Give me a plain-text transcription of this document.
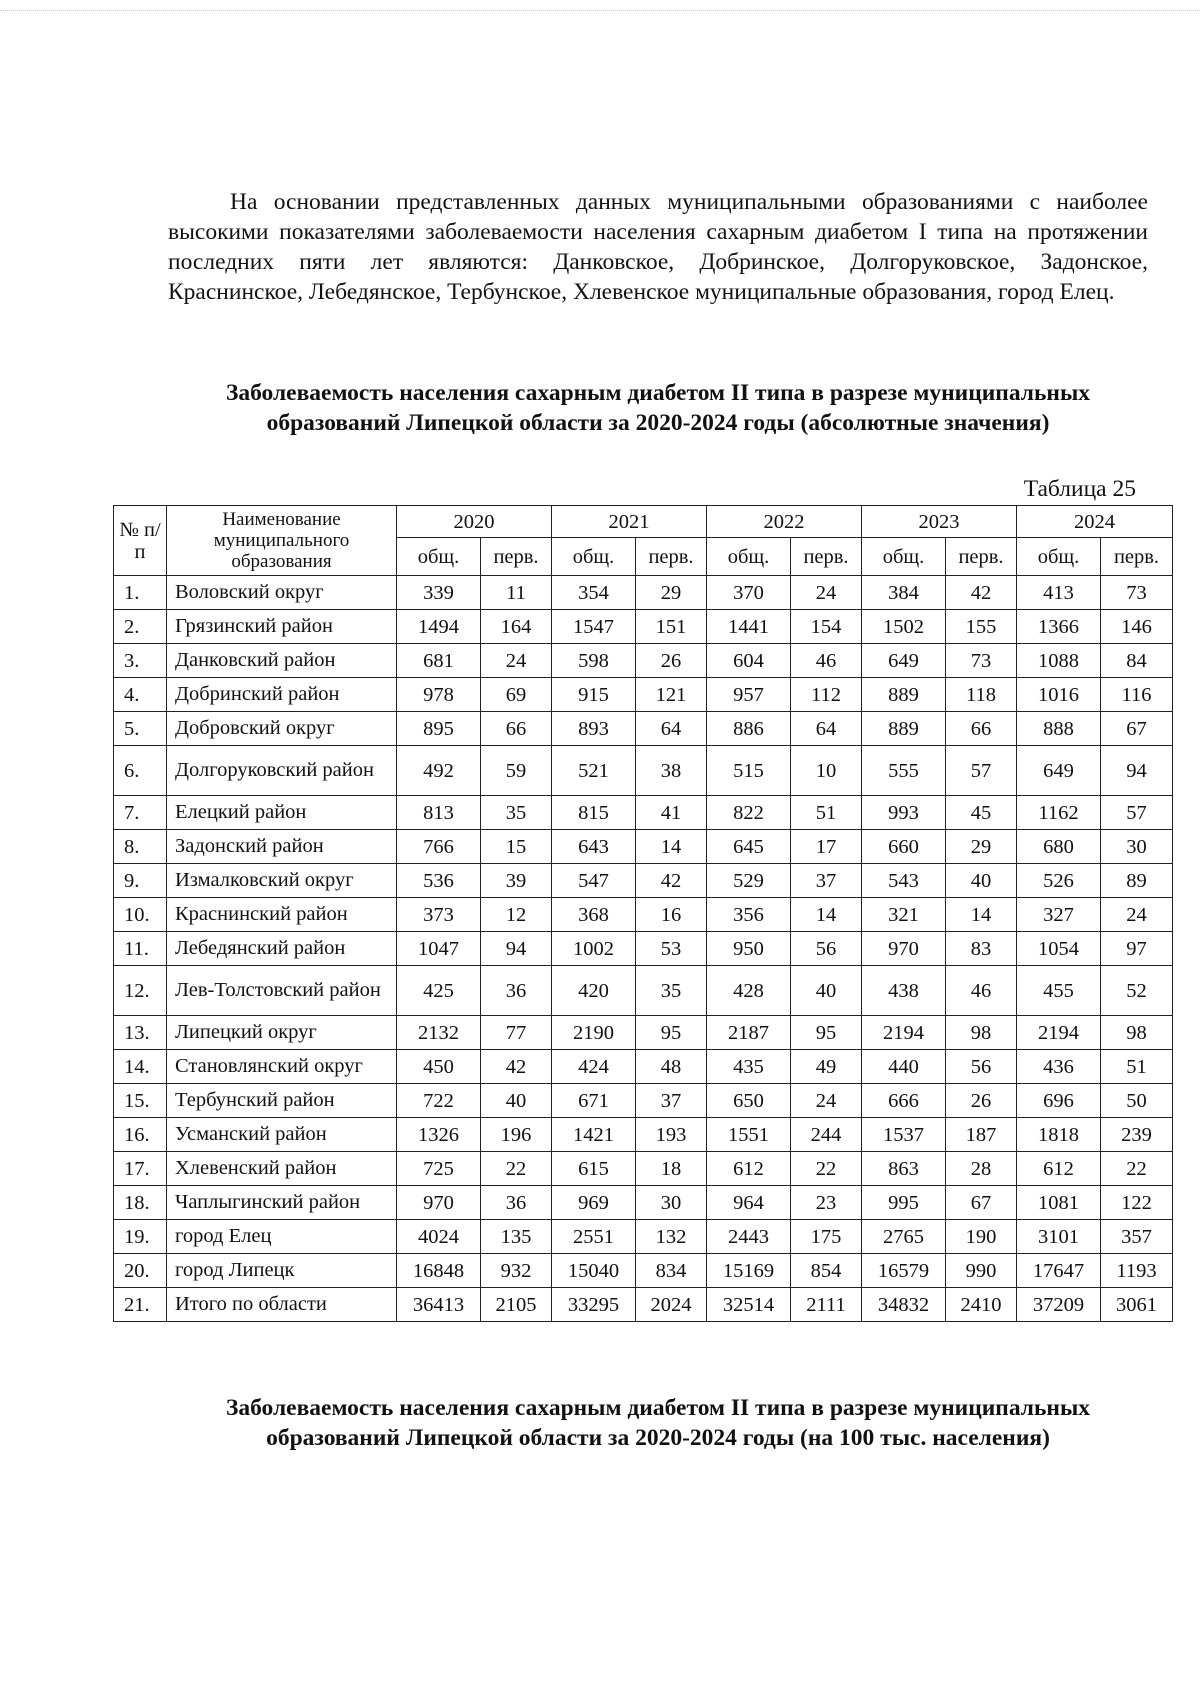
На основании представленных данных муниципальными образованиями с наиболее высокими показателями заболеваемости населения сахарным диабетом I типа на протяжении последних пяти лет являются: Данковское, Добринское, Долгоруковское, Задонское, Краснинское, Лебедянское, Тербунское, Хлевенское муниципальные образования, город Елец.

Заболеваемость населения сахарным диабетом II типа в разрезе муниципальных
образований Липецкой области за 2020-2024 годы (абсолютные значения)

Таблица 25

№ п/п	Наименование муниципального образования	2020		2021		2022		2023		2024	
		общ.	перв.	общ.	перв.	общ.	перв.	общ.	перв.	общ.	перв.
1.	Воловский округ	339	11	354	29	370	24	384	42	413	73
2.	Грязинский район	1494	164	1547	151	1441	154	1502	155	1366	146
3.	Данковский район	681	24	598	26	604	46	649	73	1088	84
4.	Добринский район	978	69	915	121	957	112	889	118	1016	116
5.	Добровский округ	895	66	893	64	886	64	889	66	888	67
6.	Долгоруковский район	492	59	521	38	515	10	555	57	649	94
7.	Елецкий район	813	35	815	41	822	51	993	45	1162	57
8.	Задонский район	766	15	643	14	645	17	660	29	680	30
9.	Измалковский округ	536	39	547	42	529	37	543	40	526	89
10.	Краснинский район	373	12	368	16	356	14	321	14	327	24
11.	Лебедянский район	1047	94	1002	53	950	56	970	83	1054	97
12.	Лев-Толстовский район	425	36	420	35	428	40	438	46	455	52
13.	Липецкий округ	2132	77	2190	95	2187	95	2194	98	2194	98
14.	Становлянский округ	450	42	424	48	435	49	440	56	436	51
15.	Тербунский район	722	40	671	37	650	24	666	26	696	50
16.	Усманский район	1326	196	1421	193	1551	244	1537	187	1818	239
17.	Хлевенский район	725	22	615	18	612	22	863	28	612	22
18.	Чаплыгинский район	970	36	969	30	964	23	995	67	1081	122
19.	город Елец	4024	135	2551	132	2443	175	2765	190	3101	357
20.	город Липецк	16848	932	15040	834	15169	854	16579	990	17647	1193
21.	Итого по области	36413	2105	33295	2024	32514	2111	34832	2410	37209	3061
Заболеваемость населения сахарным диабетом II типа в разрезе муниципальных
образований Липецкой области за 2020-2024 годы (на 100 тыс. населения)
